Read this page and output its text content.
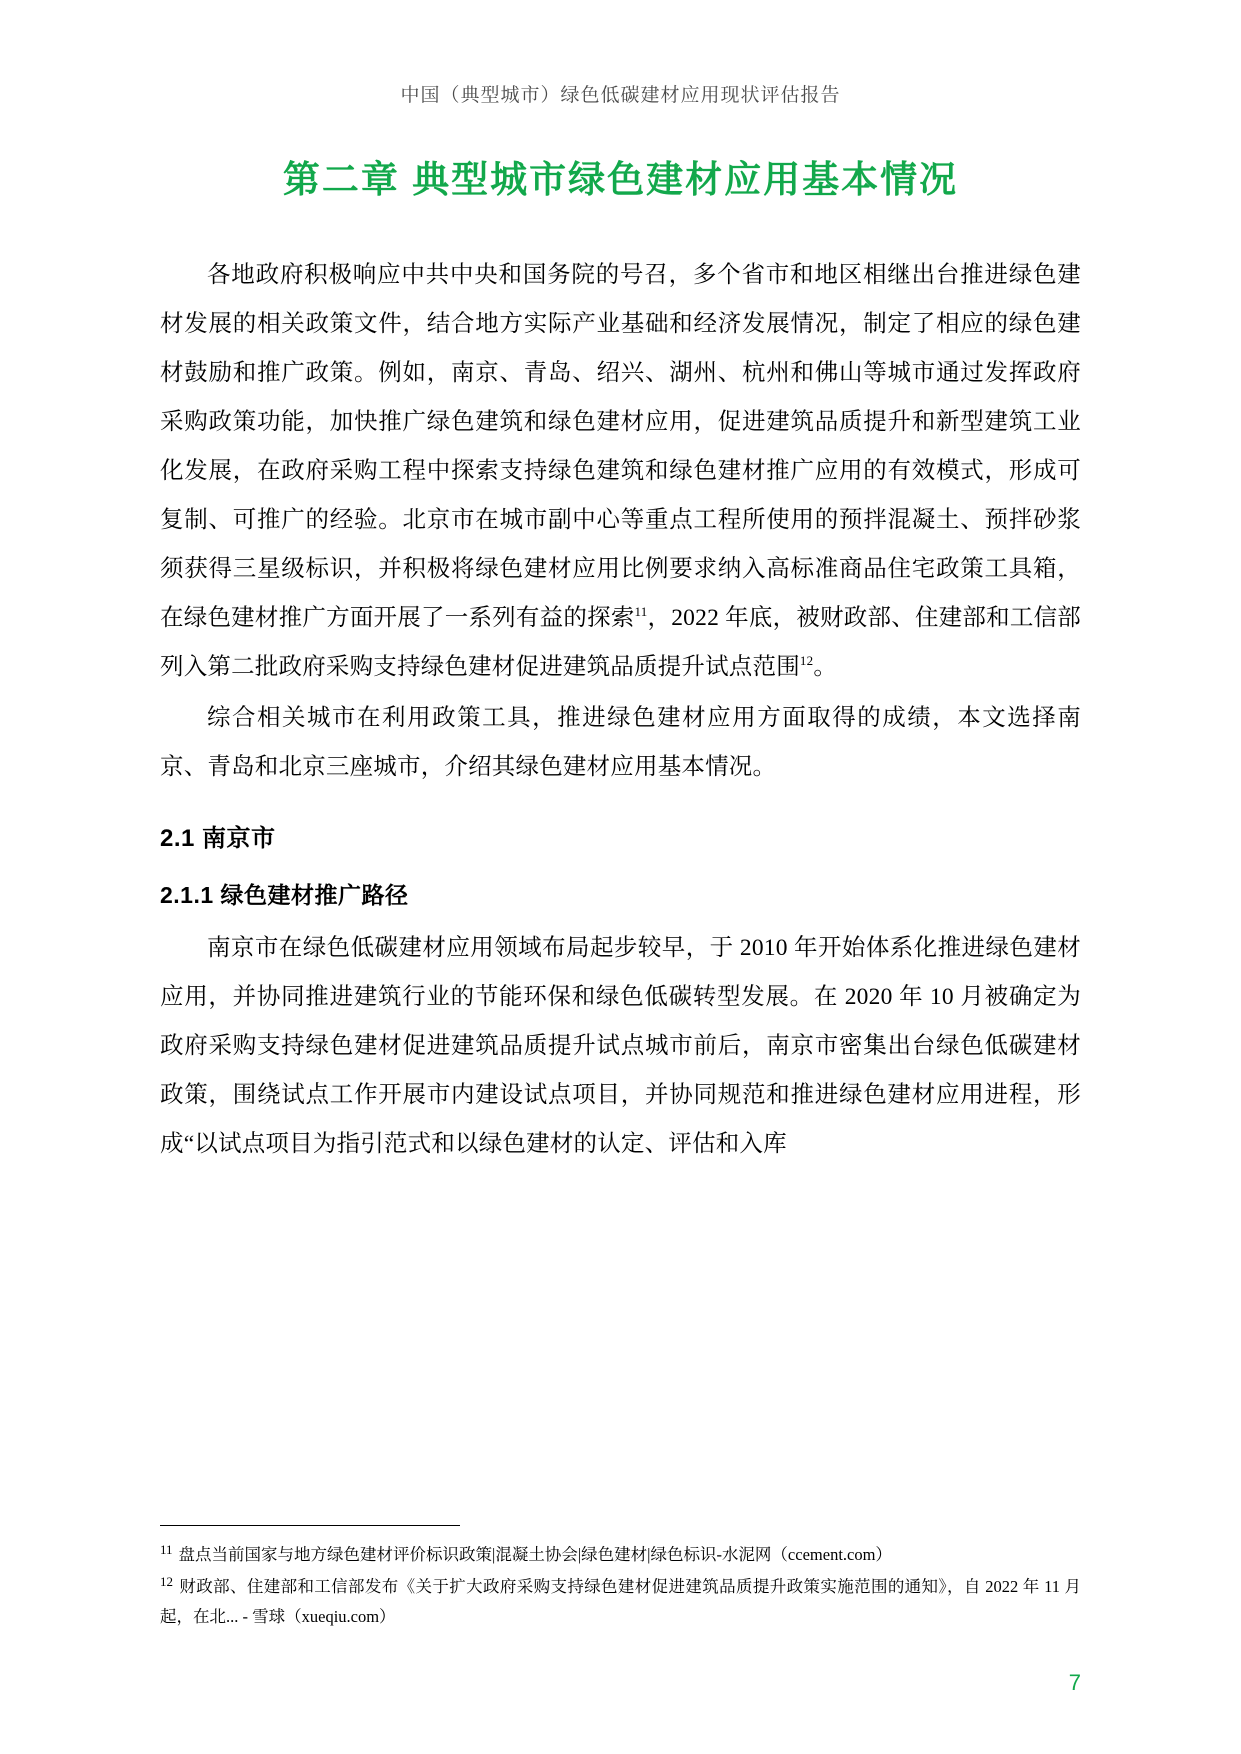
中国（典型城市）绿色低碳建材应用现状评估报告
第二章 典型城市绿色建材应用基本情况

各地政府积极响应中共中央和国务院的号召，多个省市和地区相继出台推进绿色建材发展的相关政策文件，结合地方实际产业基础和经济发展情况，制定了相应的绿色建材鼓励和推广政策。例如，南京、青岛、绍兴、湖州、杭州和佛山等城市通过发挥政府采购政策功能，加快推广绿色建筑和绿色建材应用，促进建筑品质提升和新型建筑工业化发展，在政府采购工程中探索支持绿色建筑和绿色建材推广应用的有效模式，形成可复制、可推广的经验。北京市在城市副中心等重点工程所使用的预拌混凝土、预拌砂浆须获得三星级标识，并积极将绿色建材应用比例要求纳入高标准商品住宅政策工具箱，在绿色建材推广方面开展了一系列有益的探索$^{11}$，2022 年底，被财政部、住建部和工信部列入第二批政府采购支持绿色建材促进建筑品质提升试点范围$^{12}$。

综合相关城市在利用政策工具，推进绿色建材应用方面取得的成绩，本文选择南京、青岛和北京三座城市，介绍其绿色建材应用基本情况。

2.1 南京市
2.1.1 绿色建材推广路径

南京市在绿色低碳建材应用领域布局起步较早，于 2010 年开始体系化推进绿色建材应用，并协同推进建筑行业的节能环保和绿色低碳转型发展。在 2020 年 10 月被确定为政府采购支持绿色建材促进建筑品质提升试点城市前后，南京市密集出台绿色低碳建材政策，围绕试点工作开展市内建设试点项目，并协同规范和推进绿色建材应用进程，形成“以试点项目为指引范式和以绿色建材的认定、评估和入库

$^{11}$ 盘点当前国家与地方绿色建材评价标识政策|混凝土协会|绿色建材|绿色标识-水泥网（ccement.com）

$^{12}$ 财政部、住建部和工信部发布《关于扩大政府采购支持绿色建材促进建筑品质提升政策实施范围的通知》，自 2022 年 11 月起，在北... - 雪球（xueqiu.com）

7
